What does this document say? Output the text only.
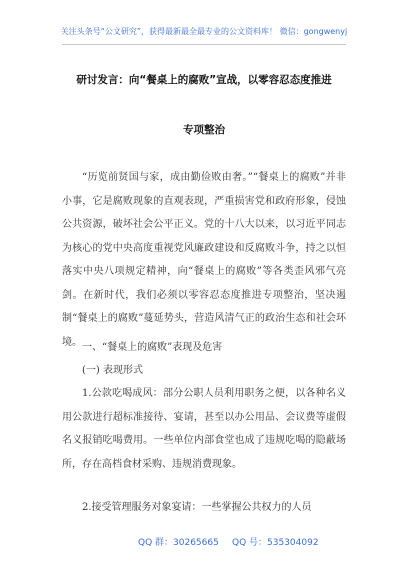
关注头条号“公文研究”，获得最新最全最专业的公文资料库！ 微信：gongwenyj
研讨发言：向“餐桌上的腐败”宣战，以零容忍态度推进
专项整治
“历览前贤国与家，成由勤俭败由奢。”“餐桌上的腐败”并非小事，它是腐败现象的直观表现，严重损害党和政府形象，侵蚀公共资源，破坏社会公平正义。党的十八大以来，以习近平同志为核心的党中央高度重视党风廉政建设和反腐败斗争，持之以恒落实中央八项规定精神，向“餐桌上的腐败”等各类歪风邪气亮剑。在新时代，我们必须以零容忍态度推进专项整治，坚决遏制“餐桌上的腐败”蔓延势头，营造风清气正的政治生态和社会环境。 一、“餐桌上的腐败”表现及危害
(一) 表现形式
1.公款吃喝成风：部分公职人员利用职务之便，以各种名义用公款进行超标准接待、宴请，甚至以办公用品、会议费等虚假名义报销吃喝费用。一些单位内部食堂也成了违规吃喝的隐蔽场所，存在高档食材采购、违规消费现象。
2.接受管理服务对象宴请：一些掌握公共权力的人员
QQ 群：30265665 QQ 号：535304092
